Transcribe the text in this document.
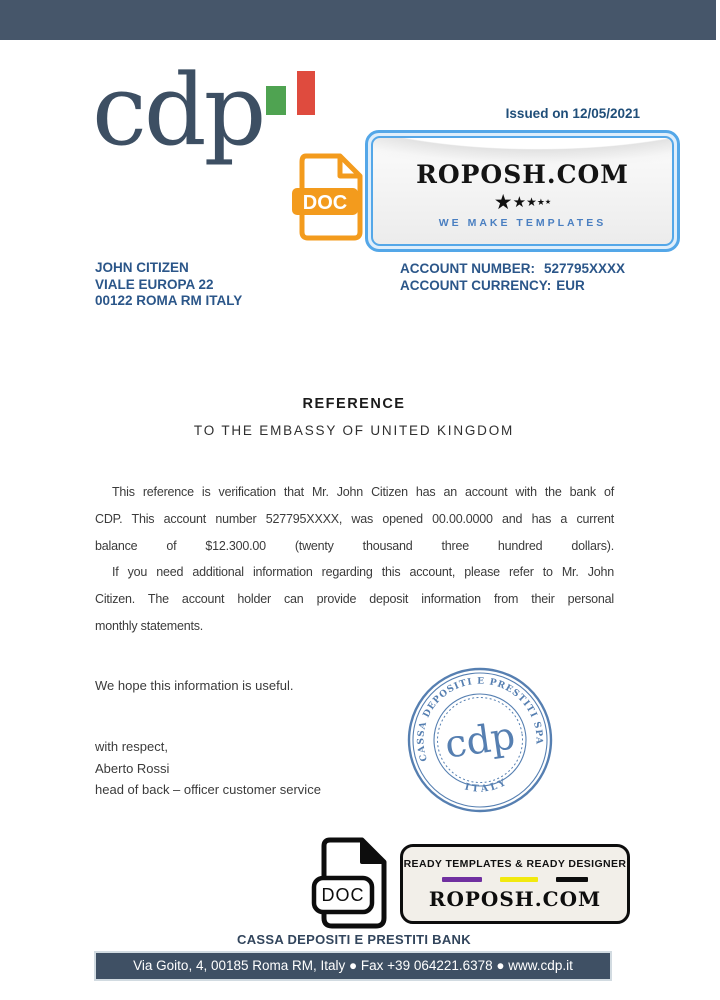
cdp	Issued on 12/05/2021
DOC
ROPOSH.COM
★ ★ ★ ★ ★
WE MAKE TEMPLATES
JOHN CITIZEN
VIALE EUROPA 22
00122 ROMA RM ITALY
ACCOUNT NUMBER: 527795XXXX
ACCOUNT CURRENCY: EUR
REFERENCE
TO THE EMBASSY OF UNITED KINGDOM
This reference is verification that Mr. John Citizen has an account with the bank of
CDP. This account number 527795XXXX, was opened 00.00.0000 and has a current
balance of $12.300.00 (twenty thousand three hundred dollars).
If you need additional information regarding this account, please refer to Mr. John
Citizen. The account holder can provide deposit information from their personal
monthly statements.
We hope this information is useful.
with respect,
Aberto Rossi
head of back – officer customer service
CASSA DEPOSITI E PRESTITI SPA
ITALY
cdp
DOC
READY TEMPLATES & READY DESIGNER
ROPOSH.COM
CASSA DEPOSITI E PRESTITI BANK
Via Goito, 4, 00185 Roma RM, Italy ● Fax +39 064221.6378 ● www.cdp.it
